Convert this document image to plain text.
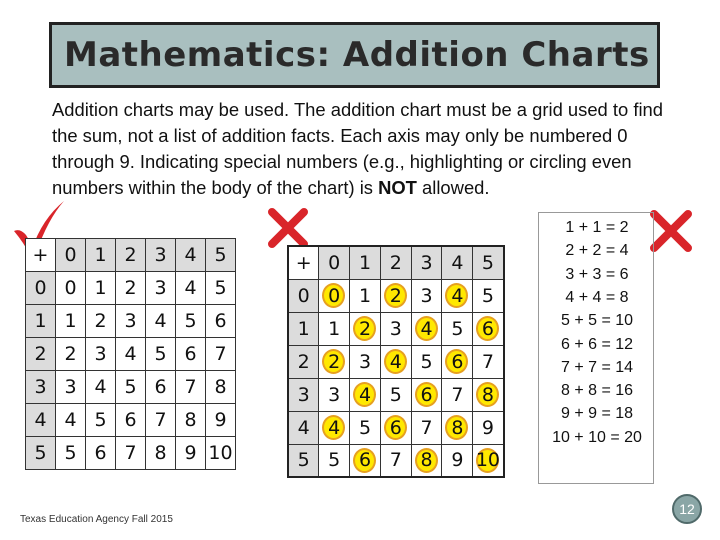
Mathematics: Addition Charts
Addition charts may be used. The addition chart must be a grid used to find the sum, not a list of addition facts. Each axis may only be numbered 0 through 9. Indicating special numbers (e.g., highlighting or circling even numbers within the body of the chart) is NOT allowed.
+	0	1	2	3	4	5
0	0	1	2	3	4	5
1	1	2	3	4	5	6
2	2	3	4	5	6	7
3	3	4	5	6	7	8
4	4	5	6	7	8	9
5	5	6	7	8	9	10
+	0	1	2	3	4	5
0	0	1	2	3	4	5
1	1	2	3	4	5	6
2	2	3	4	5	6	7
3	3	4	5	6	7	8
4	4	5	6	7	8	9
5	5	6	7	8	9	10
1 + 1 = 2
2 + 2 = 4
3 + 3 = 6
4 + 4 = 8
5 + 5 = 10
6 + 6 = 12
7 + 7 = 14
8 + 8 = 16
9 + 9 = 18
10 + 10 = 20
Texas Education Agency Fall 2015
12
